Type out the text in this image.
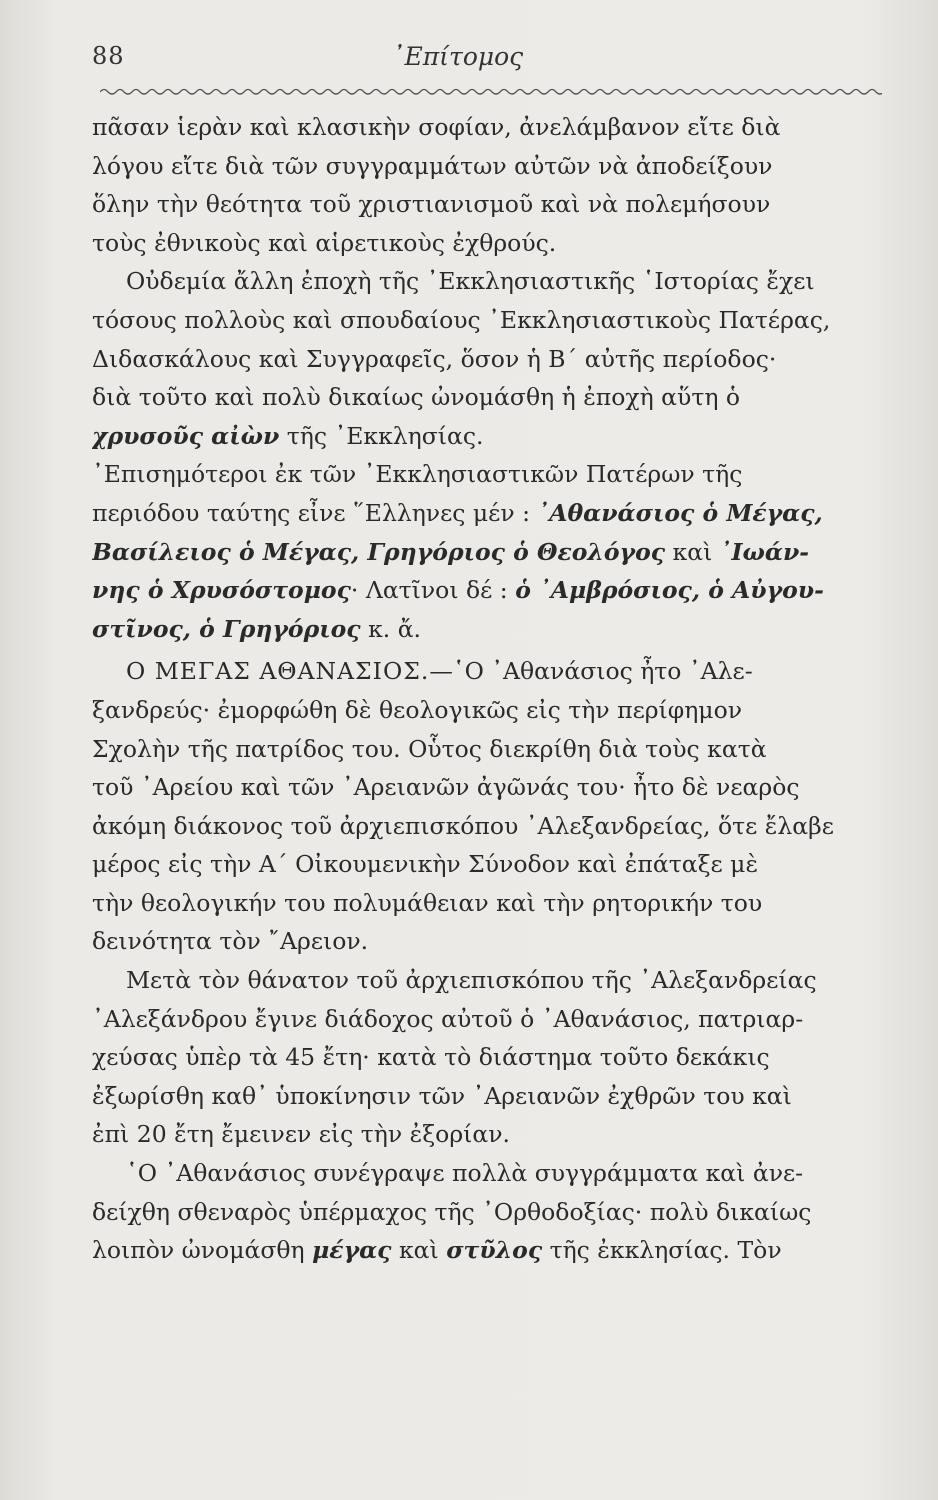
88	᾿Επίτομος
πᾶσαν ἱερὰν καὶ κλασικὴν σοφίαν, ἀνελάμβανον εἴτε διὰ
λόγου εἴτε διὰ τῶν συγγραμμάτων αὐτῶν νὰ ἀποδείξουν
ὅλην τὴν θεότητα τοῦ χριστιανισμοῦ καὶ νὰ πολεμήσουν
τοὺς ἐθνικοὺς καὶ αἱρετικοὺς ἐχθρούς.
Οὐδεμία ἄλλη ἐποχὴ τῆς ᾿Εκκλησιαστικῆς ῾Ιστορίας ἔχει
τόσους πολλοὺς καὶ σπουδαίους ᾿Εκκλησιαστικοὺς Πατέρας,
Διδασκάλους καὶ Συγγραφεῖς, ὅσον ἡ Β΄ αὐτῆς περίοδος·
διὰ τοῦτο καὶ πολὺ δικαίως ὠνομάσθη ἡ ἐποχὴ αὕτη ὁ
χρυσοῦς αἰὼν τῆς ᾿Εκκλησίας.
᾿Επισημότεροι ἐκ τῶν ᾿Εκκλησιαστικῶν Πατέρων τῆς
περιόδου ταύτης εἶνε ῞Ελληνες μέν : ᾿Αθανάσιος ὁ Μέγας,
Βασίλειος ὁ Μέγας, Γρηγόριος ὁ Θεολόγος καὶ ᾿Ιωάν-
νης ὁ Χρυσόστομος· Λατῖνοι δέ : ὁ ᾿Αμβρόσιος, ὁ Αὐγου-
στῖνος, ὁ Γρηγόριος κ. ἄ.
Ο ΜΕΓΑΣ ΑΘΑΝΑΣΙΟΣ.—῾Ο ᾿Αθανάσιος ἦτο ᾿Αλε-
ξανδρεύς· ἐμορφώθη δὲ θεολογικῶς εἰς τὴν περίφημον
Σχολὴν τῆς πατρίδος του. Οὗτος διεκρίθη διὰ τοὺς κατὰ
τοῦ ᾿Αρείου καὶ τῶν ᾿Αρειανῶν ἀγῶνάς του· ἦτο δὲ νεαρὸς
ἀκόμη διάκονος τοῦ ἀρχιεπισκόπου ᾿Αλεξανδρείας, ὅτε ἔλαβε
μέρος εἰς τὴν Α΄ Οἰκουμενικὴν Σύνοδον καὶ ἐπάταξε μὲ
τὴν θεολογικήν του πολυμάθειαν καὶ τὴν ρητορικήν του
δεινότητα τὸν ῎Αρειον.
Μετὰ τὸν θάνατον τοῦ ἀρχιεπισκόπου τῆς ᾿Αλεξανδρείας
᾿Αλεξάνδρου ἔγινε διάδοχος αὐτοῦ ὁ ᾿Αθανάσιος, πατριαρ-
χεύσας ὑπὲρ τὰ 45 ἔτη· κατὰ τὸ διάστημα τοῦτο δεκάκις
ἐξωρίσθη καθ᾿ ὑποκίνησιν τῶν ᾿Αρειανῶν ἐχθρῶν του καὶ
ἐπὶ 20 ἔτη ἔμεινεν εἰς τὴν ἐξορίαν.
῾Ο ᾿Αθανάσιος συνέγραψε πολλὰ συγγράμματα καὶ ἀνε-
δείχθη σθεναρὸς ὑπέρμαχος τῆς ᾿Ορθοδοξίας· πολὺ δικαίως
λοιπὸν ὠνομάσθη μέγας καὶ στῦλος τῆς ἐκκλησίας. Τὸν
